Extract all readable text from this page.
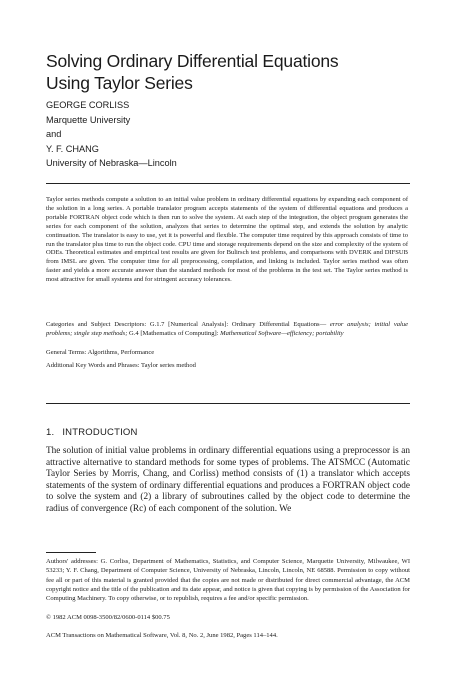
Solving Ordinary Differential Equations
Using Taylor Series
GEORGE CORLISS
Marquette University
and
Y. F. CHANG
University of Nebraska—Lincoln

Taylor series methods compute a solution to an initial value problem in ordinary differential equations by expanding each component of the solution in a long series. A portable translator program accepts statements of the system of differential equations and produces a portable FORTRAN object code which is then run to solve the system. At each step of the integration, the object program generates the series for each component of the solution, analyzes that series to determine the optimal step, and extends the solution by analytic continuation. The translator is easy to use, yet it is powerful and flexible. The computer time required by this approach consists of time to run the translator plus time to run the object code. CPU time and storage requirements depend on the size and complexity of the system of ODEs. Theoretical estimates and empirical test results are given for Bulirsch test problems, and comparisons with DVERK and DIFSUB from IMSL are given. The computer time for all preprocessing, compilation, and linking is included. Taylor series method was often faster and yields a more accurate answer than the standard methods for most of the problems in the test set. The Taylor series method is most attractive for small systems and for stringent accuracy tolerances.

Categories and Subject Descriptors: G.1.7 [Numerical Analysis]: Ordinary Differential Equations— error analysis; initial value problems; single step methods; G.4 [Mathematics of Computing]: Mathematical Software—efficiency; portability

General Terms: Algorithms, Performance

Additional Key Words and Phrases: Taylor series method

1. INTRODUCTION

The solution of initial value problems in ordinary differential equations using a preprocessor is an attractive alternative to standard methods for some types of problems. The ATSMCC (Automatic Taylor Series by Morris, Chang, and Corliss) method consists of (1) a translator which accepts statements of the system of ordinary differential equations and produces a FORTRAN object code to solve the system and (2) a library of subroutines called by the object code to determine the radius of convergence (Rc) of each component of the solution. We

Authors' addresses: G. Corliss, Department of Mathematics, Statistics, and Computer Science, Marquette University, Milwaukee, WI 53233; Y. F. Chang, Department of Computer Science, University of Nebraska, Lincoln, Lincoln, NE 68588. Permission to copy without fee all or part of this material is granted provided that the copies are not made or distributed for direct commercial advantage, the ACM copyright notice and the title of the publication and its date appear, and notice is given that copying is by permission of the Association for Computing Machinery. To copy otherwise, or to republish, requires a fee and/or specific permission.

© 1982 ACM 0098-3500/82/0600-0114 $00.75

ACM Transactions on Mathematical Software, Vol. 8, No. 2, June 1982, Pages 114–144.
